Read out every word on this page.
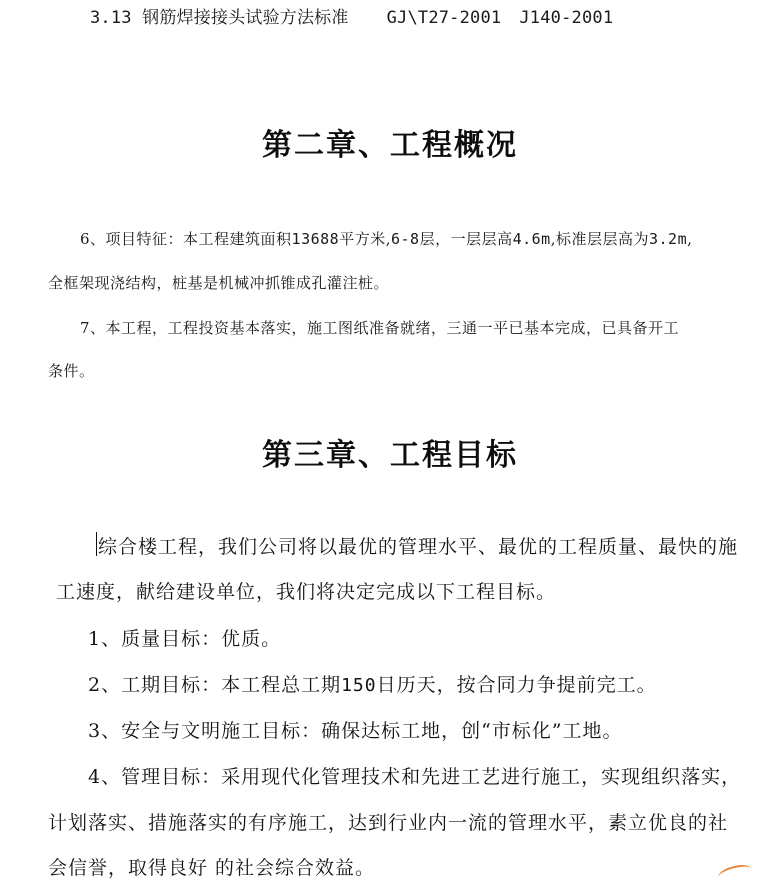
3.13 钢筋焊接接头试验方法标准 GJ\T27-2001 J140-2001
第二章、工程概况
6、项目特征：本工程建筑面积13688平方米,6-8层，一层层高4.6m,标准层层高为3.2m,
全框架现浇结构，桩基是机械冲抓锥成孔灌注桩。
7、本工程，工程投资基本落实，施工图纸准备就绪，三通一平已基本完成，已具备开工
条件。
第三章、工程目标
综合楼工程，我们公司将以最优的管理水平、最优的工程质量、最快的施
工速度，献给建设单位，我们将决定完成以下工程目标。
1、质量目标：优质。
2、工期目标：本工程总工期150日历天，按合同力争提前完工。
3、安全与文明施工目标：确保达标工地，创“市标化”工地。
4、管理目标：采用现代化管理技术和先进工艺进行施工，实现组织落实，
计划落实、措施落实的有序施工，达到行业内一流的管理水平，素立优良的社
会信誉，取得良好 的社会综合效益。
